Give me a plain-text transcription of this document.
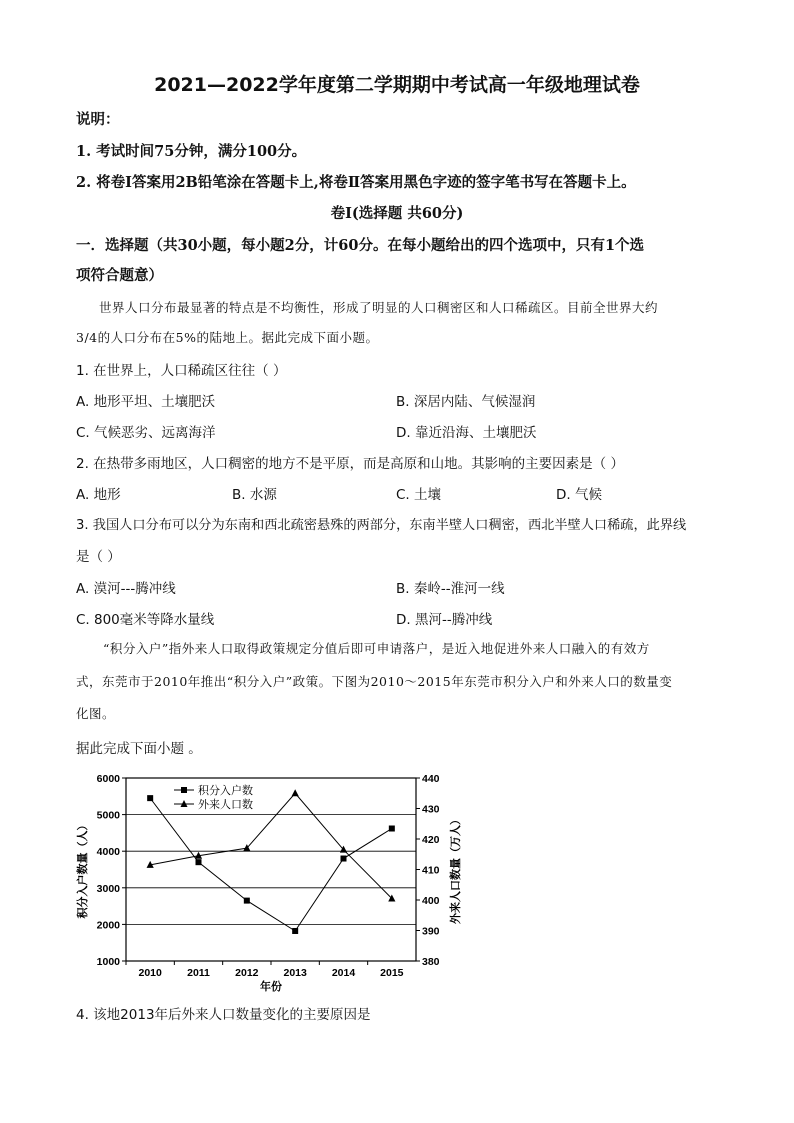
2021—2022学年度第二学期期中考试高一年级地理试卷
说明：
1. 考试时间75分钟，满分100分。
2. 将卷Ⅰ答案用2B铅笔涂在答题卡上,将卷Ⅱ答案用黑色字迹的签字笔书写在答题卡上。
卷Ⅰ(选择题 共60分)
一．选择题（共30小题，每小题2分，计60分。在每小题给出的四个选项中，只有1个选
项符合题意）
世界人口分布最显著的特点是不均衡性，形成了明显的人口稠密区和人口稀疏区。目前全世界大约
3/4的人口分布在5%的陆地上。据此完成下面小题。
1. 在世界上，人口稀疏区往往（ ）
A. 地形平坦、土壤肥沃	B. 深居内陆、气候湿润
C. 气候恶劣、远离海洋	D. 靠近沿海、土壤肥沃
2. 在热带多雨地区，人口稠密的地方不是平原，而是高原和山地。其影响的主要因素是（ ）
A. 地形	B. 水源	C. 土壤	D. 气候
3. 我国人口分布可以分为东南和西北疏密悬殊的两部分，东南半壁人口稠密，西北半壁人口稀疏，此界线
是（ ）
A. 漠河---腾冲线	B. 秦岭--淮河一线
C. 800毫米等降水量线	D. 黑河--腾冲线
“积分入户”指外来人口取得政策规定分值后即可申请落户，是近入地促进外来人口融入的有效方
式，东莞市于2010年推出“积分入户”政策。下图为2010～2015年东莞市积分入户和外来人口的数量变
化图。
据此完成下面小题 。
6000
5000
4000
3000
2000
1000
440
430
420
410
400
390
380
2010 2011 2012 2013 2014 2015
积分入户数
外来人口数
年份
积分入户数量（人）	外来人口数量（万人）
4. 该地2013年后外来人口数量变化的主要原因是
